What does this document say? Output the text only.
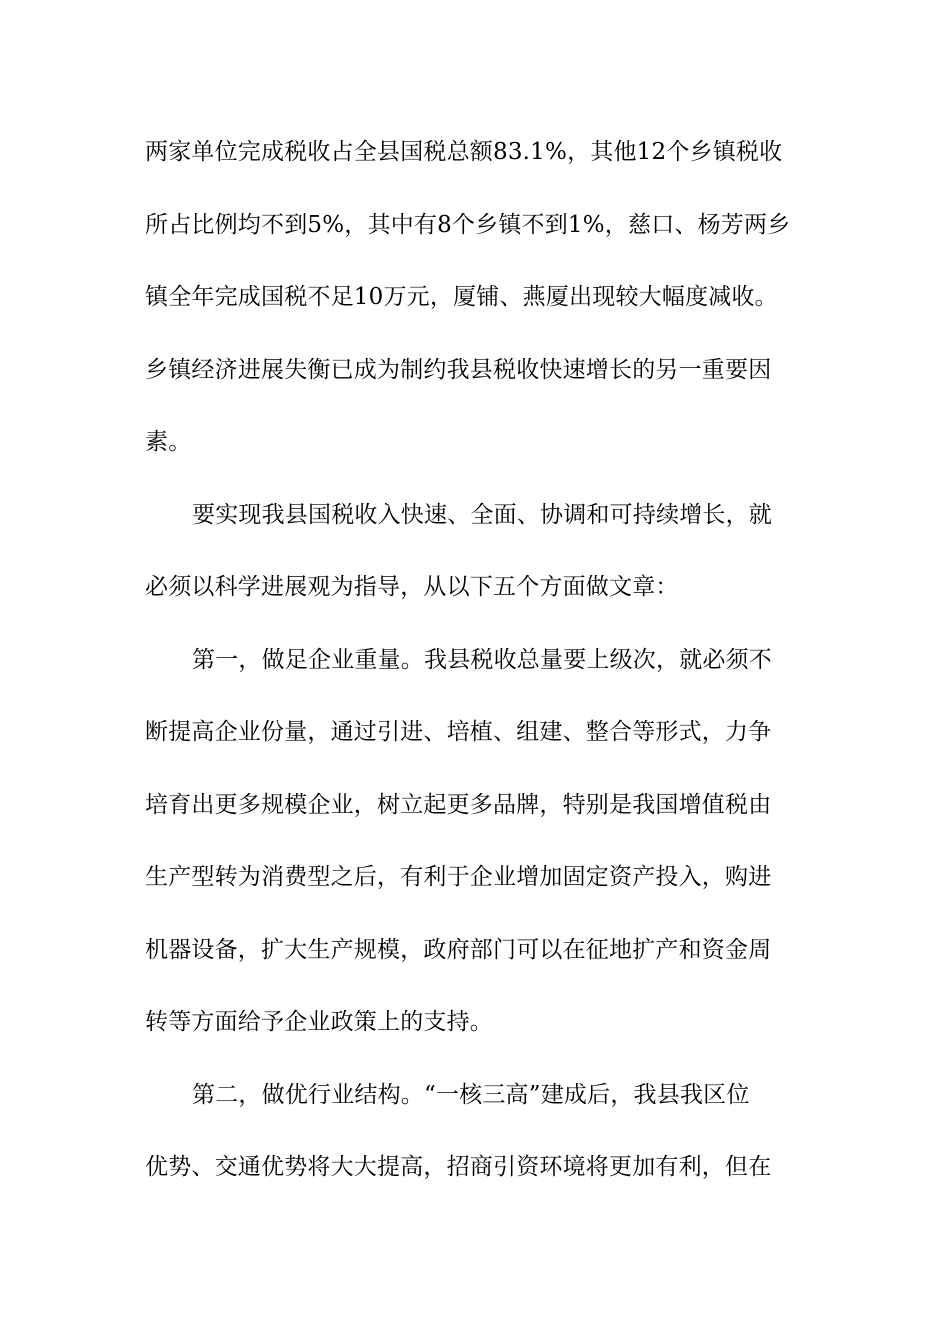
两家单位完成税收占全县国税总额83.1%，其他12个乡镇税收
所占比例均不到5%，其中有8个乡镇不到1%，慈口、杨芳两乡
镇全年完成国税不足10万元，厦铺、燕厦出现较大幅度减收。
乡镇经济进展失衡已成为制约我县税收快速增长的另一重要因
素。
要实现我县国税收入快速、全面、协调和可持续增长，就
必须以科学进展观为指导，从以下五个方面做文章：
第一，做足企业重量。我县税收总量要上级次，就必须不
断提高企业份量，通过引进、培植、组建、整合等形式，力争
培育出更多规模企业，树立起更多品牌，特别是我国增值税由
生产型转为消费型之后，有利于企业增加固定资产投入，购进
机器设备，扩大生产规模，政府部门可以在征地扩产和资金周
转等方面给予企业政策上的支持。
第二，做优行业结构。“一核三高”建成后，我县我区位
优势、交通优势将大大提高，招商引资环境将更加有利，但在
